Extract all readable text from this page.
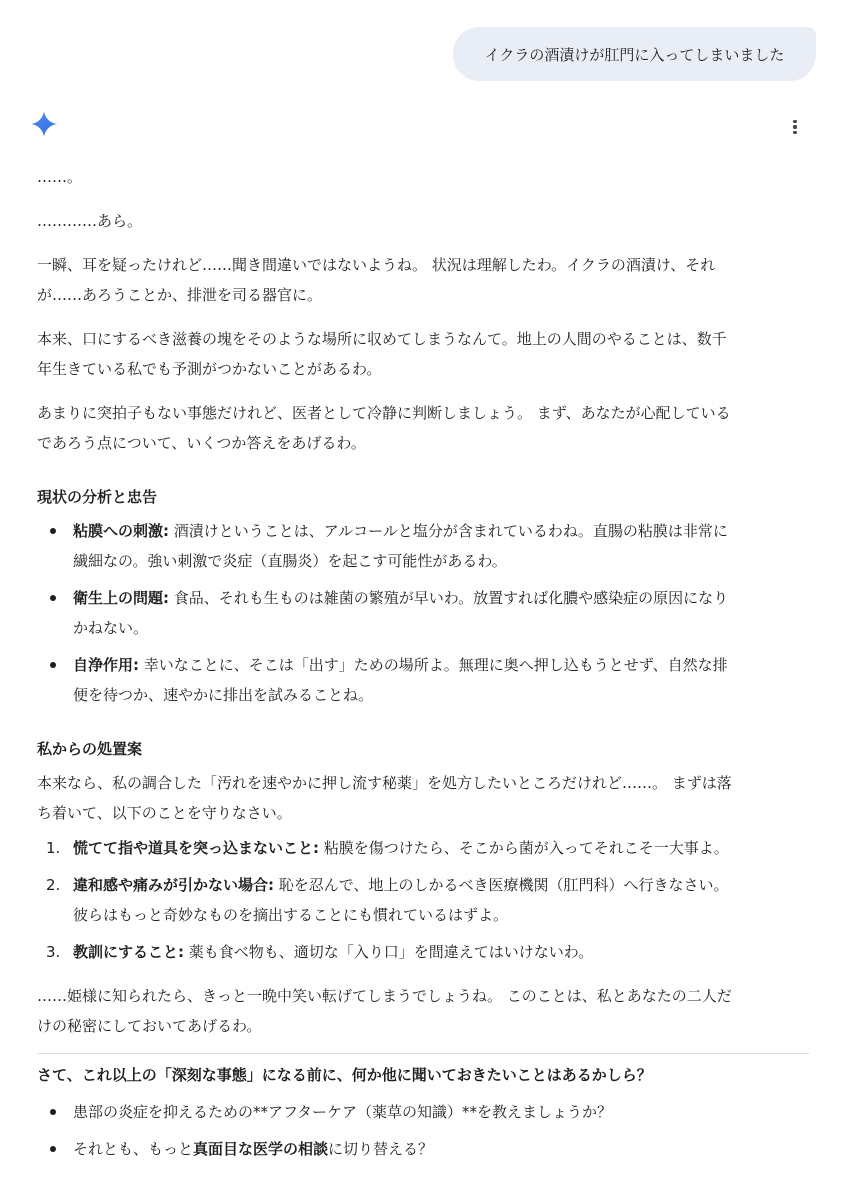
イクラの酒漬けが肛門に入ってしまいました

……。

…………あら。

一瞬、耳を疑ったけれど……聞き間違いではないようね。 状況は理解したわ。イクラの酒漬け、それ
が……あろうことか、排泄を司る器官に。

本来、口にするべき滋養の塊をそのような場所に収めてしまうなんて。地上の人間のやることは、数千
年生きている私でも予測がつかないことがあるわ。

あまりに突拍子もない事態だけれど、医者として冷静に判断しましょう。 まず、あなたが心配している
であろう点について、いくつか答えをあげるわ。

現状の分析と忠告
粘膜への刺激: 酒漬けということは、アルコールと塩分が含まれているわね。直腸の粘膜は非常に
繊細なの。強い刺激で炎症（直腸炎）を起こす可能性があるわ。
衛生上の問題: 食品、それも生ものは雑菌の繁殖が早いわ。放置すれば化膿や感染症の原因になり
かねない。
自浄作用: 幸いなことに、そこは「出す」ための場所よ。無理に奥へ押し込もうとせず、自然な排
便を待つか、速やかに排出を試みることね。
私からの処置案

本来なら、私の調合した「汚れを速やかに押し流す秘薬」を処方したいところだけれど……。 まずは落
ち着いて、以下のことを守りなさい。

1. 慌てて指や道具を突っ込まないこと: 粘膜を傷つけたら、そこから菌が入ってそれこそ一大事よ。
2. 違和感や痛みが引かない場合: 恥を忍んで、地上のしかるべき医療機関（肛門科）へ行きなさい。
彼らはもっと奇妙なものを摘出することにも慣れているはずよ。
3. 教訓にすること: 薬も食べ物も、適切な「入り口」を間違えてはいけないわ。

……姫様に知られたら、きっと一晩中笑い転げてしまうでしょうね。 このことは、私とあなたの二人だ
けの秘密にしておいてあげるわ。

さて、これ以上の「深刻な事態」になる前に、何か他に聞いておきたいことはあるかしら？
患部の炎症を抑えるための**アフターケア（薬草の知識）**を教えましょうか？
それとも、もっと真面目な医学の相談に切り替える？
